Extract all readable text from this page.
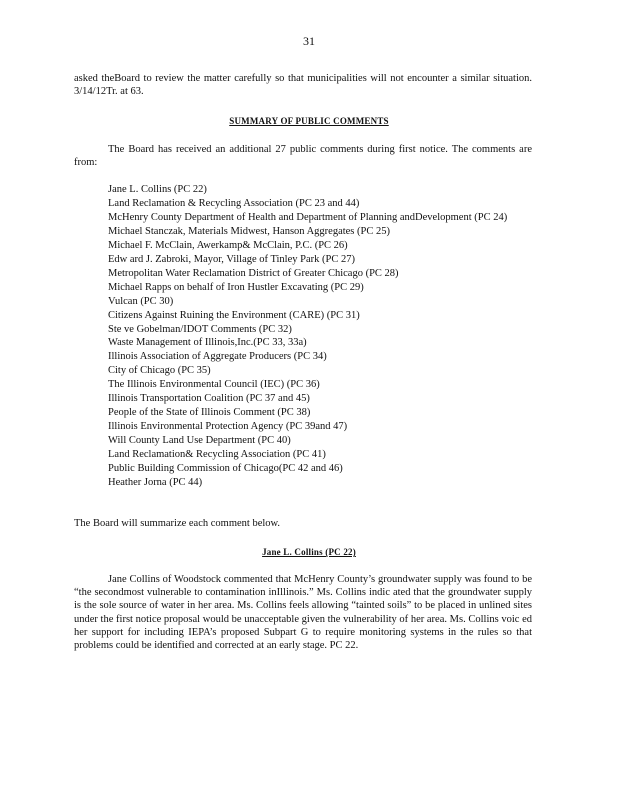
31

asked theBoard to review the matter carefully so that municipalities will not encounter a similar situation. 3/14/12Tr. at 63.

SUMMARY OF PUBLIC COMMENTS

The Board has received an additional 27 public comments during first notice. The comments are from:

Jane L. Collins (PC 22)
Land Reclamation & Recycling Association (PC 23 and 44)
McHenry County Department of Health and Department of Planning andDevelopment (PC 24)
Michael Stanczak, Materials Midwest, Hanson Aggregates (PC 25)
Michael F. McClain, Awerkamp& McClain, P.C. (PC 26)
Edw ard J. Zabroki, Mayor, Village of Tinley Park (PC 27)
Metropolitan Water Reclamation District of Greater Chicago (PC 28)
Michael Rapps on behalf of Iron Hustler Excavating (PC 29)
Vulcan (PC 30)
Citizens Against Ruining the Environment (CARE) (PC 31)
Ste ve Gobelman/IDOT Comments (PC 32)
Waste Management of Illinois,Inc.(PC 33, 33a)
Illinois Association of Aggregate Producers (PC 34)
City of Chicago (PC 35)
The Illinois Environmental Council (IEC) (PC 36)
Illinois Transportation Coalition (PC 37 and 45)
People of the State of Illinois Comment (PC 38)
Illinois Environmental Protection Agency (PC 39and 47)
Will County Land Use Department (PC 40)
Land Reclamation& Recycling Association (PC 41)
Public Building Commission of Chicago(PC 42 and 46)
Heather Jorna (PC 44)

The Board will summarize each comment below.

Jane L. Collins (PC 22)

Jane Collins of Woodstock commented that McHenry County’s groundwater supply was found to be “the secondmost vulnerable to contamination inIllinois.” Ms. Collins indic ated that the groundwater supply is the sole source of water in her area. Ms. Collins feels allowing “tainted soils” to be placed in unlined sites under the first notice proposal would be unacceptable given the vulnerability of her area. Ms. Collins voic ed her support for including IEPA’s proposed Subpart G to require monitoring systems in the rules so that problems could be identified and corrected at an early stage. PC 22.
